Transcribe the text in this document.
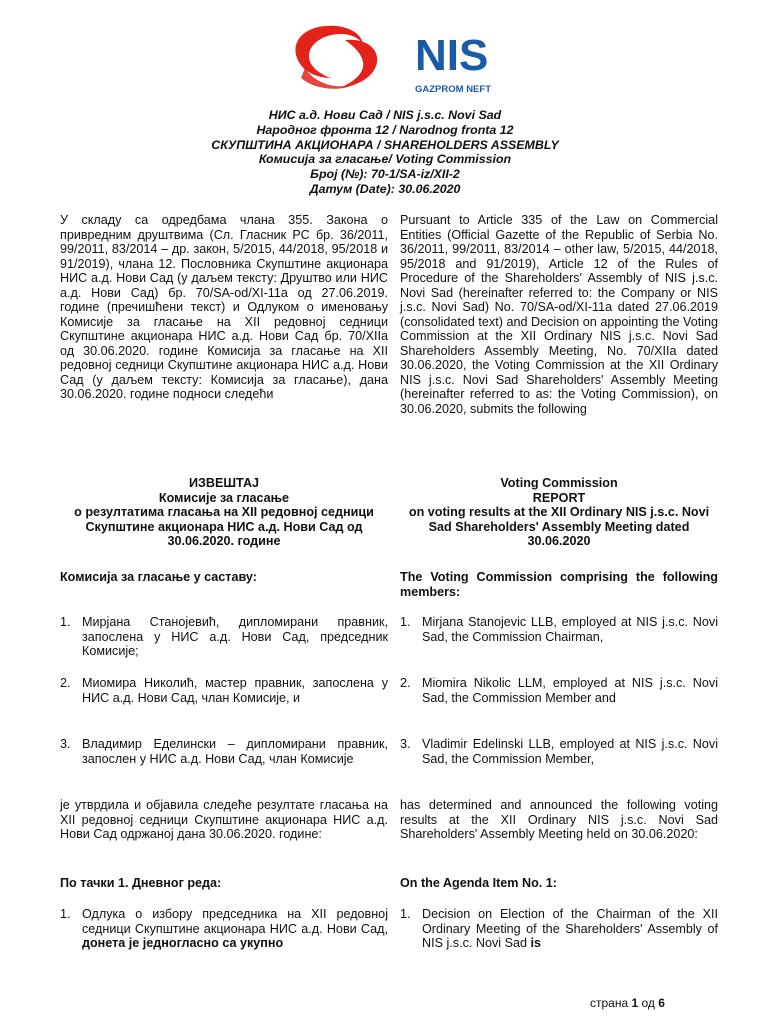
NIS
GAZPROM NEFT
НИС а.д. Нови Сад / NIS j.s.c. Novi Sad
Народног фронта 12 / Narodnog fronta 12
СКУПШТИНА АКЦИОНАРА / SHAREHOLDERS ASSEMBLY
Комисија за гласање/ Voting Commission
Број (№): 70-1/SA-iz/XII-2
Датум (Date): 30.06.2020
У складу са одредбама члана 355. Закона о привредним друштвима (Сл. Гласник РС бр. 36/2011, 99/2011, 83/2014 – др. закон, 5/2015, 44/2018, 95/2018 и 91/2019), члана 12. Пословника Скупштине акционара НИС а.д. Нови Сад (у даљем тексту: Друштво или НИС а.д. Нови Сад) бр. 70/SA-od/XI-11a од 27.06.2019. године (пречишћени текст) и Одлуком о именовању Комисије за гласање на XII редовној седници Скупштине акционара НИС а.д. Нови Сад бр. 70/XIIa од 30.06.2020. године Комисија за гласање на XII редовној седници Скупштине акционара НИС а.д. Нови Сад (у даљем тексту: Комисија за гласање), дана 30.06.2020. године подноси следећи
Pursuant to Article 335 of the Law on Commercial Entities (Official Gazette of the Republic of Serbia No. 36/2011, 99/2011, 83/2014 – other law, 5/2015, 44/2018, 95/2018 and 91/2019), Article 12 of the Rules of Procedure of the Shareholders' Assembly of NIS j.s.c. Novi Sad (hereinafter referred to: the Company or NIS j.s.c. Novi Sad) No. 70/SA-od/XI-11a dated 27.06.2019 (consolidated text) and Decision on appointing the Voting Commission at the XII Ordinary NIS j.s.c. Novi Sad Shareholders Assembly Meeting, No. 70/XIIa dated 30.06.2020, the Voting Commission at the XII Ordinary NIS j.s.c. Novi Sad Shareholders' Assembly Meeting (hereinafter referred to as: the Voting Commission), on 30.06.2020, submits the following
ИЗВЕШТАЈ
Комисије за гласање
о резултатима гласања на XII редовној седници Скупштине акционара НИС а.д. Нови Сад од 30.06.2020. године
Voting Commission
REPORT
on voting results at the XII Ordinary NIS j.s.c. Novi Sad Shareholders' Assembly Meeting dated 30.06.2020
Комисија за гласање у саставу:	The Voting Commission comprising the following members:
1. Мирјана Станојевић, дипломирани правник, запослена у НИС а.д. Нови Сад, председник Комисије;
1. Mirjana Stanojevic LLB, employed at NIS j.s.c. Novi Sad, the Commission Chairman,
2. Миомира Николић, мастер правник, запослена у НИС а.д. Нови Сад, члан Комисије, и
2. Miomira Nikolic LLM, employed at NIS j.s.c. Novi Sad, the Commission Member and
3. Владимир Еделински – дипломирани правник, запослен у НИС а.д. Нови Сад, члан Комисије
3. Vladimir Edelinski LLB, employed at NIS j.s.c. Novi Sad, the Commission Member,
је утврдила и објавила следеће резултате гласања на XII редовној седници Скупштине акционара НИС а.д. Нови Сад одржаној дана 30.06.2020. године:
has determined and announced the following voting results at the XII Ordinary NIS j.s.c. Novi Sad Shareholders' Assembly Meeting held on 30.06.2020:
По тачки 1. Дневног реда:	On the Agenda Item No. 1:
1. Одлука о избору председника на XII редовној седници Скупштине акционара НИС а.д. Нови Сад, донета је једногласно са укупно
1. Decision on Election of the Chairman of the XII Ordinary Meeting of the Shareholders' Assembly of NIS j.s.c. Novi Sad is
страна 1 од 6
